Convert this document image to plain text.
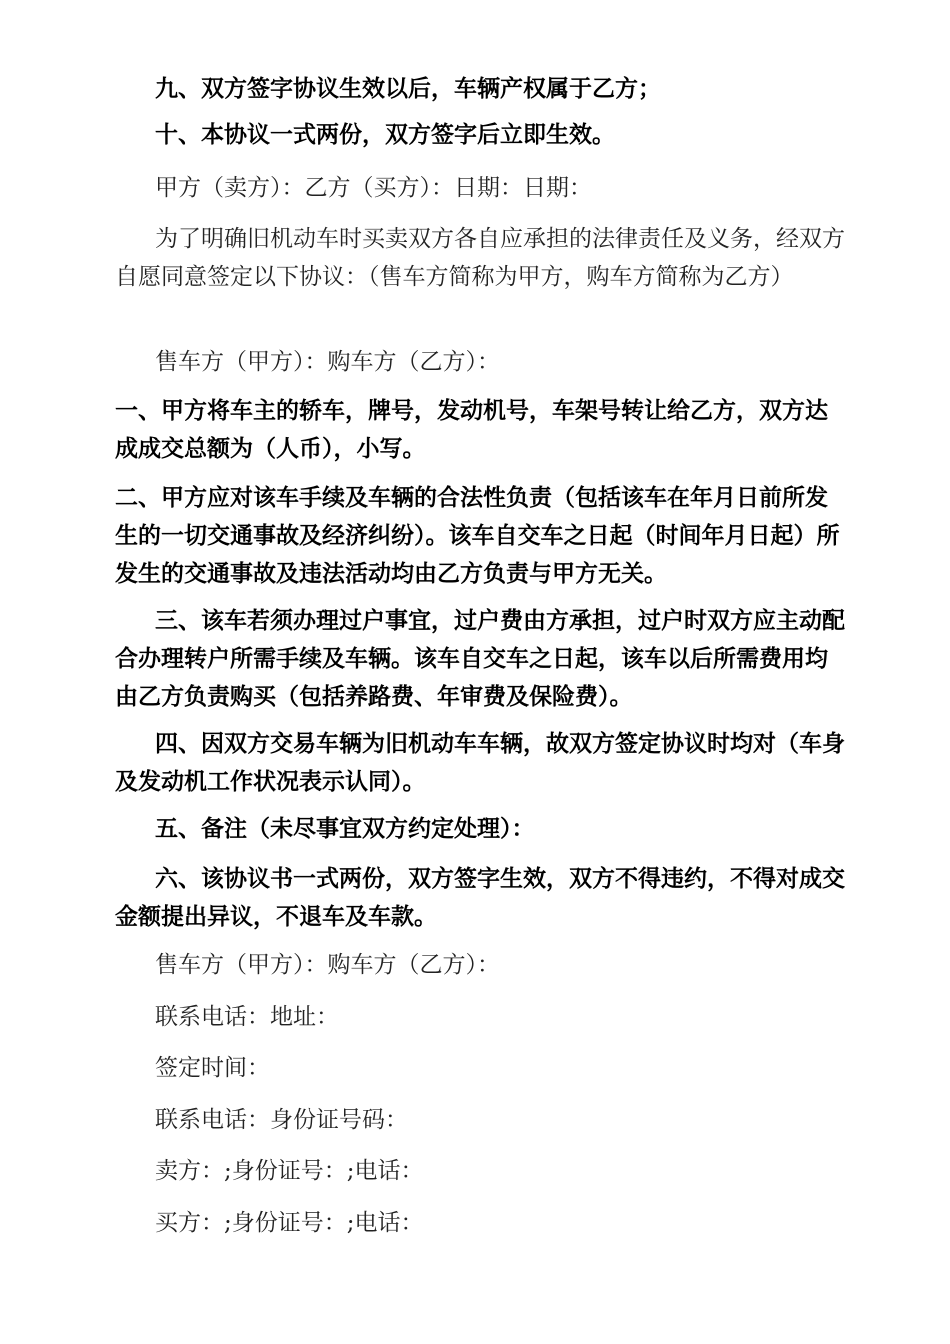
九、双方签字协议生效以后，车辆产权属于乙方；

十、本协议一式两份，双方签字后立即生效。

甲方（卖方）：乙方（买方）：日期：日期：

为了明确旧机动车时买卖双方各自应承担的法律责任及义务，经双方自愿同意签定以下协议：（售车方简称为甲方，购车方简称为乙方）

售车方（甲方）：购车方（乙方）：

一、甲方将车主的轿车，牌号，发动机号，车架号转让给乙方，双方达成成交总额为（人币），小写。

二、甲方应对该车手续及车辆的合法性负责（包括该车在年月日前所发生的一切交通事故及经济纠纷）。该车自交车之日起（时间年月日起）所发生的交通事故及违法活动均由乙方负责与甲方无关。

三、该车若须办理过户事宜，过户费由方承担，过户时双方应主动配合办理转户所需手续及车辆。该车自交车之日起，该车以后所需费用均由乙方负责购买（包括养路费、年审费及保险费）。

四、因双方交易车辆为旧机动车车辆，故双方签定协议时均对（车身及发动机工作状况表示认同）。

五、备注（未尽事宜双方约定处理）：

六、该协议书一式两份，双方签字生效，双方不得违约，不得对成交金额提出异议，不退车及车款。

售车方（甲方）：购车方（乙方）：

联系电话：地址：

签定时间：

联系电话：身份证号码：

卖方：;身份证号：;电话：

买方：;身份证号：;电话：
